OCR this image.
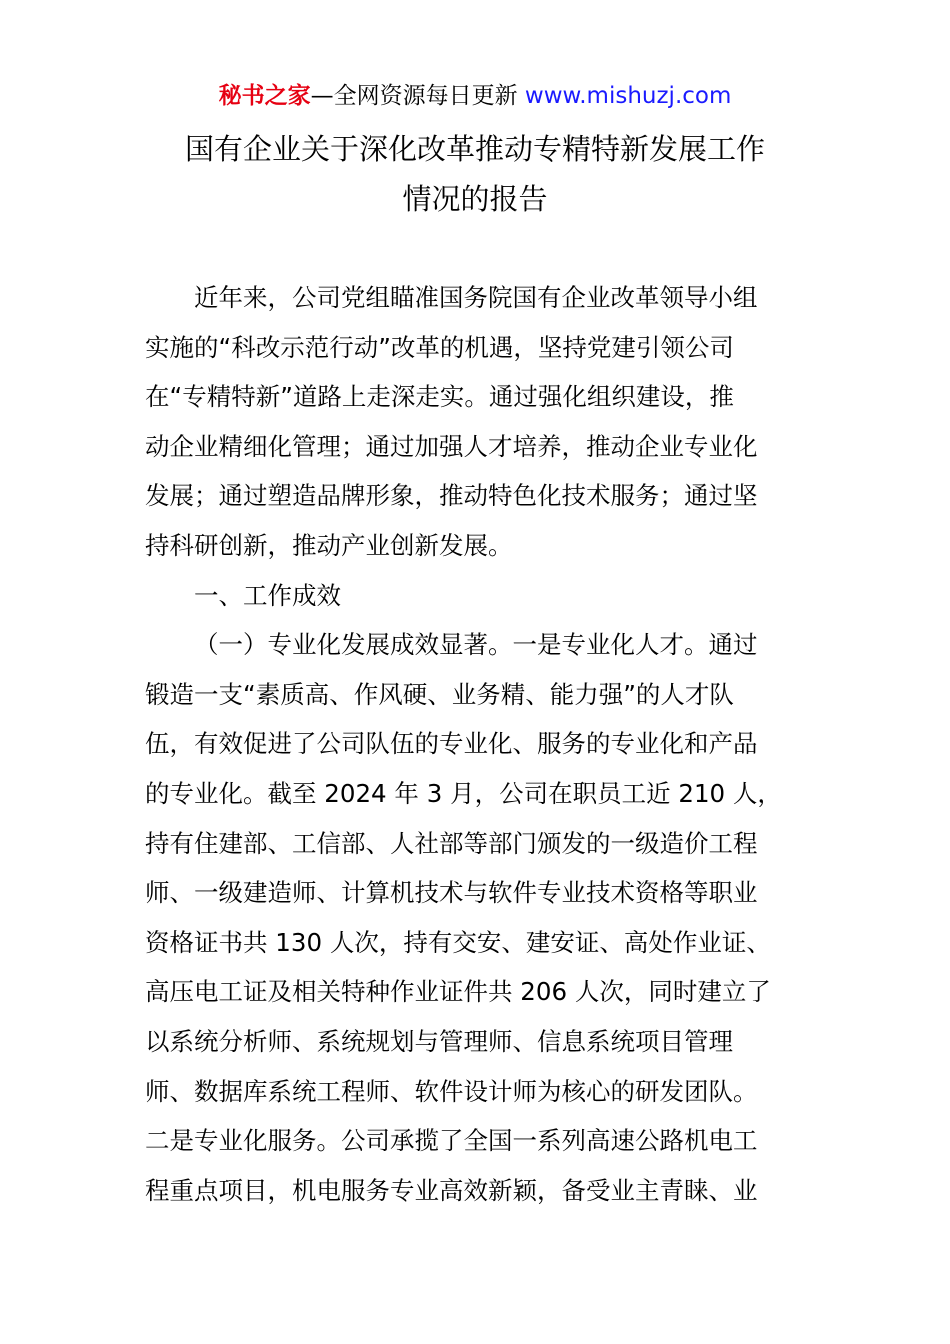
秘书之家—全网资源每日更新 www.mishuzj.com
国有企业关于深化改革推动专精特新发展工作
情况的报告
近年来，公司党组瞄准国务院国有企业改革领导小组
实施的“科改示范行动”改革的机遇，坚持党建引领公司
在“专精特新”道路上走深走实。通过强化组织建设，推
动企业精细化管理；通过加强人才培养，推动企业专业化
发展；通过塑造品牌形象，推动特色化技术服务；通过坚
持科研创新，推动产业创新发展。
一、工作成效
（一）专业化发展成效显著。一是专业化人才。通过
锻造一支“素质高、作风硬、业务精、能力强”的人才队
伍，有效促进了公司队伍的专业化、服务的专业化和产品
的专业化。截至 2024 年 3 月，公司在职员工近 210 人，
持有住建部、工信部、人社部等部门颁发的一级造价工程
师、一级建造师、计算机技术与软件专业技术资格等职业
资格证书共 130 人次，持有交安、建安证、高处作业证、
高压电工证及相关特种作业证件共 206 人次，同时建立了
以系统分析师、系统规划与管理师、信息系统项目管理
师、数据库系统工程师、软件设计师为核心的研发团队。
二是专业化服务。公司承揽了全国一系列高速公路机电工
程重点项目，机电服务专业高效新颖，备受业主青睐、业
